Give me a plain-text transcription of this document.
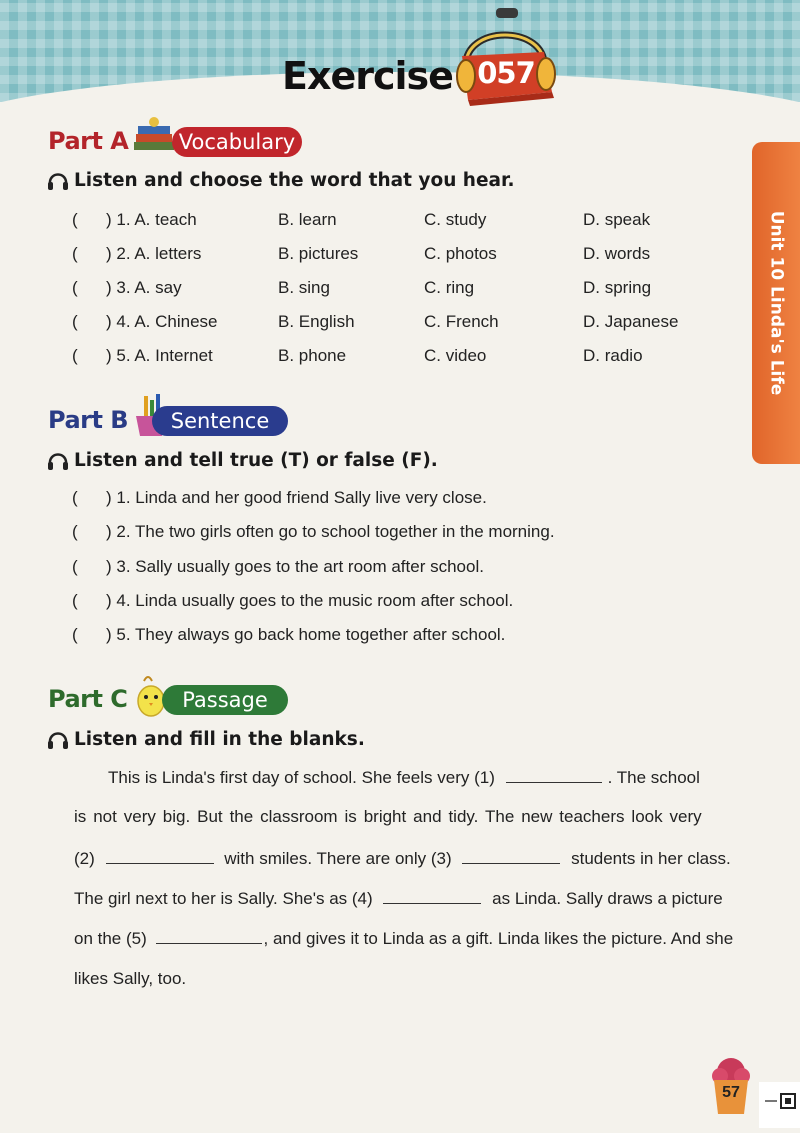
Exercise 057
Unit 10 Linda's Life
Part A	Vocabulary
Listen and choose the word that you hear.
( ) 1. A. teach	B. learn	C. study	D. speak
( ) 2. A. letters	B. pictures	C. photos	D. words
( ) 3. A. say	B. sing	C. ring	D. spring
( ) 4. A. Chinese	B. English	C. French	D. Japanese
( ) 5. A. Internet	B. phone	C. video	D. radio
Part B	Sentence
Listen and tell true (T) or false (F).
( ) 1. Linda and her good friend Sally live very close.
( ) 2. The two girls often go to school together in the morning.
( ) 3. Sally usually goes to the art room after school.
( ) 4. Linda usually goes to the music room after school.
( ) 5. They always go back home together after school.
Part C	Passage
Listen and fill in the blanks.
This is Linda's first day of school. She feels very (1)	. The school
is not very big. But the classroom is bright and tidy. The new teachers look very
(2)	with smiles. There are only (3)	students in her class.
The girl next to her is Sally. She's as (4)	as Linda. Sally draws a picture
on the (5)	, and gives it to Linda as a gift. Linda likes the picture. And she
likes Sally, too.
57
